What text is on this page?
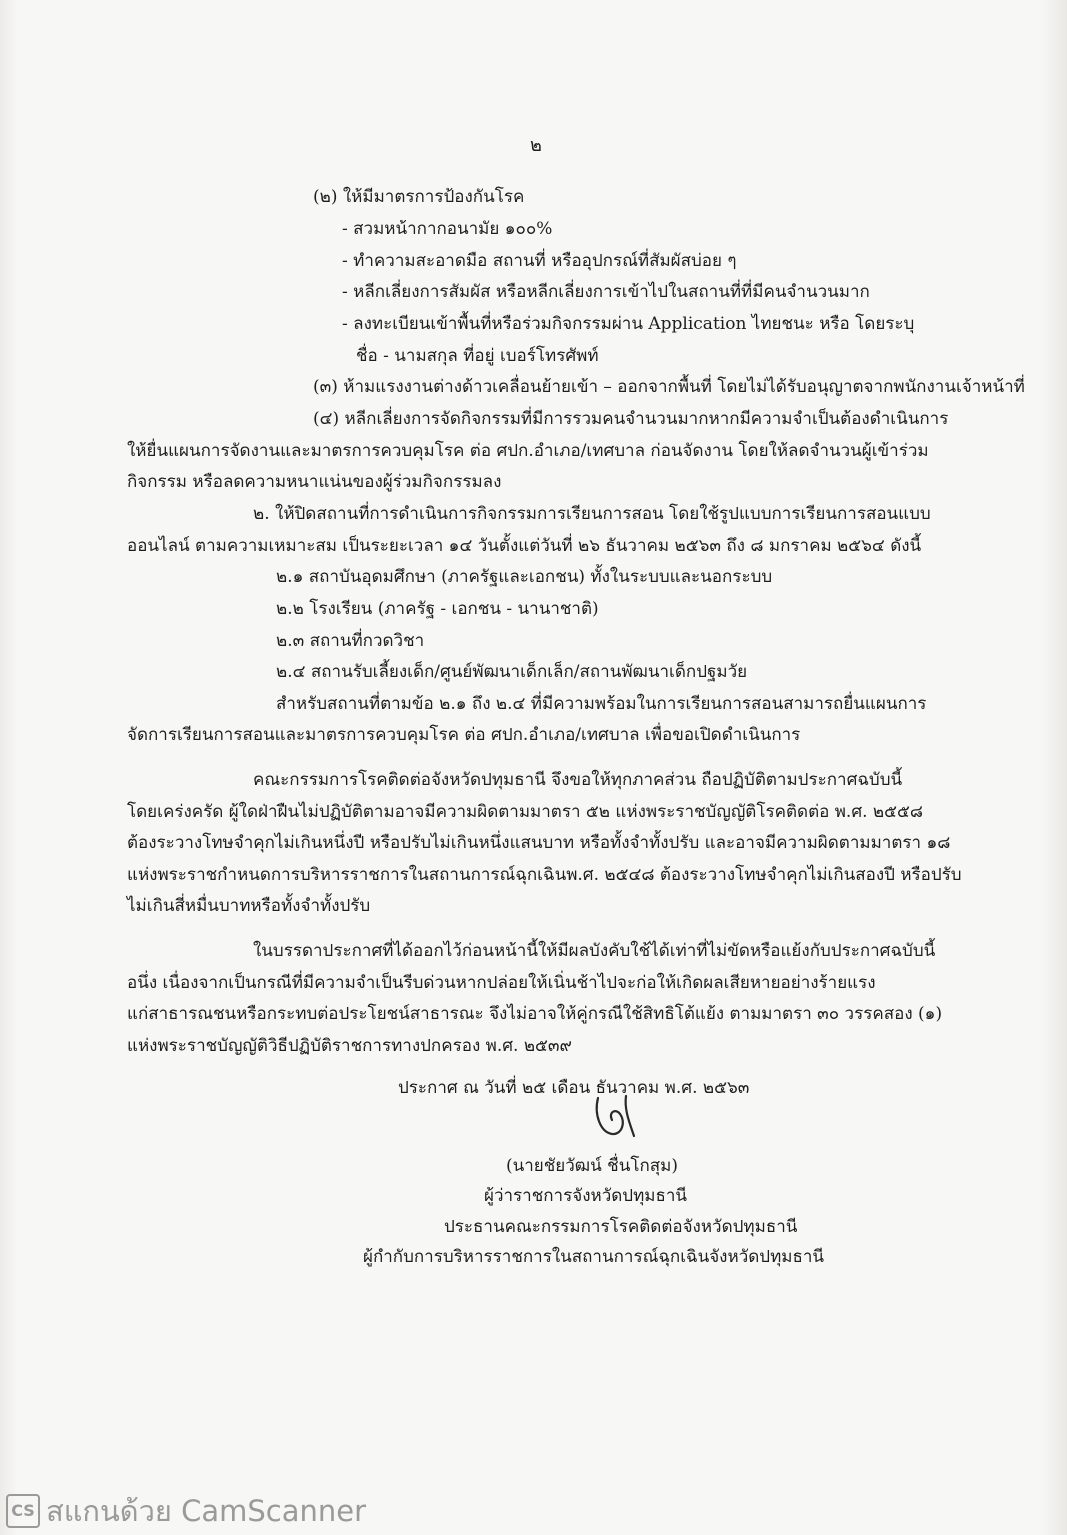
๒
(๒) ให้มีมาตรการป้องกันโรค
- สวมหน้ากากอนามัย ๑๐๐%
- ทำความสะอาดมือ สถานที่ หรืออุปกรณ์ที่สัมผัสบ่อย ๆ
- หลีกเลี่ยงการสัมผัส หรือหลีกเลี่ยงการเข้าไปในสถานที่ที่มีคนจำนวนมาก
- ลงทะเบียนเข้าพื้นที่หรือร่วมกิจกรรมผ่าน Application ไทยชนะ หรือ โดยระบุ
ชื่อ - นามสกุล ที่อยู่ เบอร์โทรศัพท์
(๓) ห้ามแรงงานต่างด้าวเคลื่อนย้ายเข้า – ออกจากพื้นที่ โดยไม่ได้รับอนุญาตจากพนักงานเจ้าหน้าที่
(๔) หลีกเลี่ยงการจัดกิจกรรมที่มีการรวมคนจำนวนมากหากมีความจำเป็นต้องดำเนินการ
ให้ยื่นแผนการจัดงานและมาตรการควบคุมโรค ต่อ ศปก.อำเภอ/เทศบาล ก่อนจัดงาน โดยให้ลดจำนวนผู้เข้าร่วม
กิจกรรม หรือลดความหนาแน่นของผู้ร่วมกิจกรรมลง
๒. ให้ปิดสถานที่การดำเนินการกิจกรรมการเรียนการสอน โดยใช้รูปแบบการเรียนการสอนแบบ
ออนไลน์ ตามความเหมาะสม เป็นระยะเวลา ๑๔ วันตั้งแต่วันที่ ๒๖ ธันวาคม ๒๕๖๓ ถึง ๘ มกราคม ๒๕๖๔ ดังนี้
๒.๑ สถาบันอุดมศึกษา (ภาครัฐและเอกชน) ทั้งในระบบและนอกระบบ
๒.๒ โรงเรียน (ภาครัฐ - เอกชน - นานาชาติ)
๒.๓ สถานที่กวดวิชา
๒.๔ สถานรับเลี้ยงเด็ก/ศูนย์พัฒนาเด็กเล็ก/สถานพัฒนาเด็กปฐมวัย
สำหรับสถานที่ตามข้อ ๒.๑ ถึง ๒.๔ ที่มีความพร้อมในการเรียนการสอนสามารถยื่นแผนการ
จัดการเรียนการสอนและมาตรการควบคุมโรค ต่อ ศปก.อำเภอ/เทศบาล เพื่อขอเปิดดำเนินการ
คณะกรรมการโรคติดต่อจังหวัดปทุมธานี จึงขอให้ทุกภาคส่วน ถือปฏิบัติตามประกาศฉบับนี้
โดยเคร่งครัด ผู้ใดฝ่าฝืนไม่ปฏิบัติตามอาจมีความผิดตามมาตรา ๕๒ แห่งพระราชบัญญัติโรคติดต่อ พ.ศ. ๒๕๕๘
ต้องระวางโทษจำคุกไม่เกินหนึ่งปี หรือปรับไม่เกินหนึ่งแสนบาท หรือทั้งจำทั้งปรับ และอาจมีความผิดตามมาตรา ๑๘
แห่งพระราชกำหนดการบริหารราชการในสถานการณ์ฉุกเฉินพ.ศ. ๒๕๔๘ ต้องระวางโทษจำคุกไม่เกินสองปี หรือปรับ
ไม่เกินสี่หมื่นบาทหรือทั้งจำทั้งปรับ
ในบรรดาประกาศที่ได้ออกไว้ก่อนหน้านี้ให้มีผลบังคับใช้ได้เท่าที่ไม่ขัดหรือแย้งกับประกาศฉบับนี้
อนึ่ง เนื่องจากเป็นกรณีที่มีความจำเป็นรีบด่วนหากปล่อยให้เนิ่นช้าไปจะก่อให้เกิดผลเสียหายอย่างร้ายแรง
แก่สาธารณชนหรือกระทบต่อประโยชน์สาธารณะ จึงไม่อาจให้คู่กรณีใช้สิทธิโต้แย้ง ตามมาตรา ๓๐ วรรคสอง (๑)
แห่งพระราชบัญญัติวิธีปฏิบัติราชการทางปกครอง พ.ศ. ๒๕๓๙
ประกาศ ณ วันที่ ๒๕ เดือน ธันวาคม พ.ศ. ๒๕๖๓
(นายชัยวัฒน์ ชื่นโกสุม)
ผู้ว่าราชการจังหวัดปทุมธานี
ประธานคณะกรรมการโรคติดต่อจังหวัดปทุมธานี
ผู้กำกับการบริหารราชการในสถานการณ์ฉุกเฉินจังหวัดปทุมธานี
CS สแกนด้วย CamScanner
